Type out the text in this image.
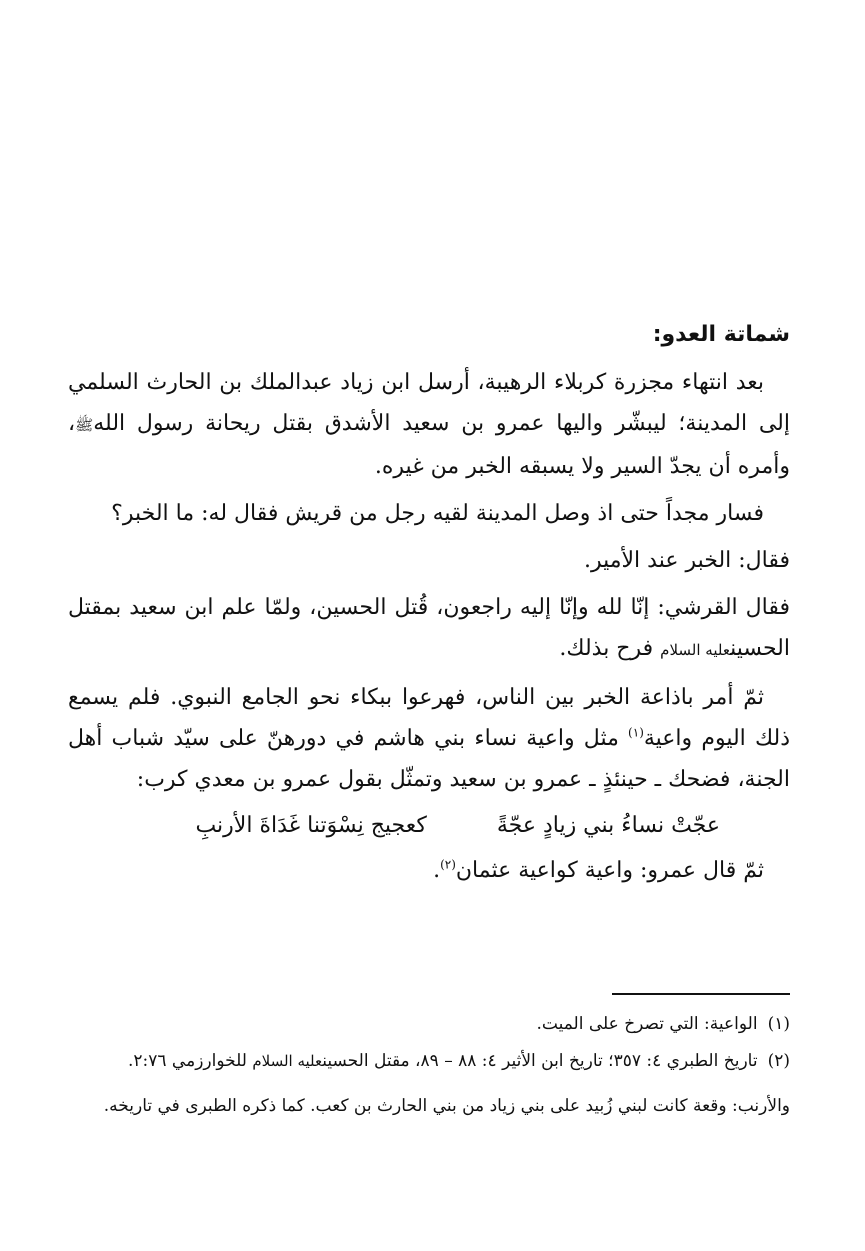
شماتة العدو:

بعد انتهاء مجزرة كربلاء الرهيبة، أرسل ابن زياد عبدالملك بن الحارث السلمي إلى المدينة؛ ليبشّر واليها عمرو بن سعيد الأشدق بقتل ريحانة رسول اللهﷺ، وأمره أن يجدّ السير ولا يسبقه الخبر من غيره.

فسار مجداً حتى اذ وصل المدينة لقيه رجل من قريش فقال له: ما الخبر؟

فقال: الخبر عند الأمير.

فقال القرشي: إنّا لله وإنّا إليه راجعون، قُتل الحسين، ولمّا علم ابن سعيد بمقتل الحسينعليه السلام فرح بذلك.

ثمّ أمر باذاعة الخبر بين الناس، فهرعوا ببكاء نحو الجامع النبوي. فلم يسمع ذلك اليوم واعية$^{(١)}$ مثل واعية نساء بني هاشم في دورهنّ على سيّد شباب أهل الجنة، فضحك ـ حينئذٍ ـ عمرو بن سعيد وتمثّل بقول عمرو بن معدي كرب:

عجّتْ نساءُ بني زيادٍ عجّةً
كعجيج نِسْوَتنا غَدَاةَ الأرنبِ

ثمّ قال عمرو: واعية كواعية عثمان$^{(٢)}$.

(١)الواعية: التي تصرخ على الميت.

(٢)تاريخ الطبري ٤: ٣٥٧؛ تاريخ ابن الأثير ٤: ٨٨ – ٨٩، مقتل الحسينعليه السلام للخوارزمي ٢:٧٦.

والأرنب: وقعة كانت لبني زُبيد على بني زياد من بني الحارث بن كعب. كما ذكره الطبرى في تاريخه.
